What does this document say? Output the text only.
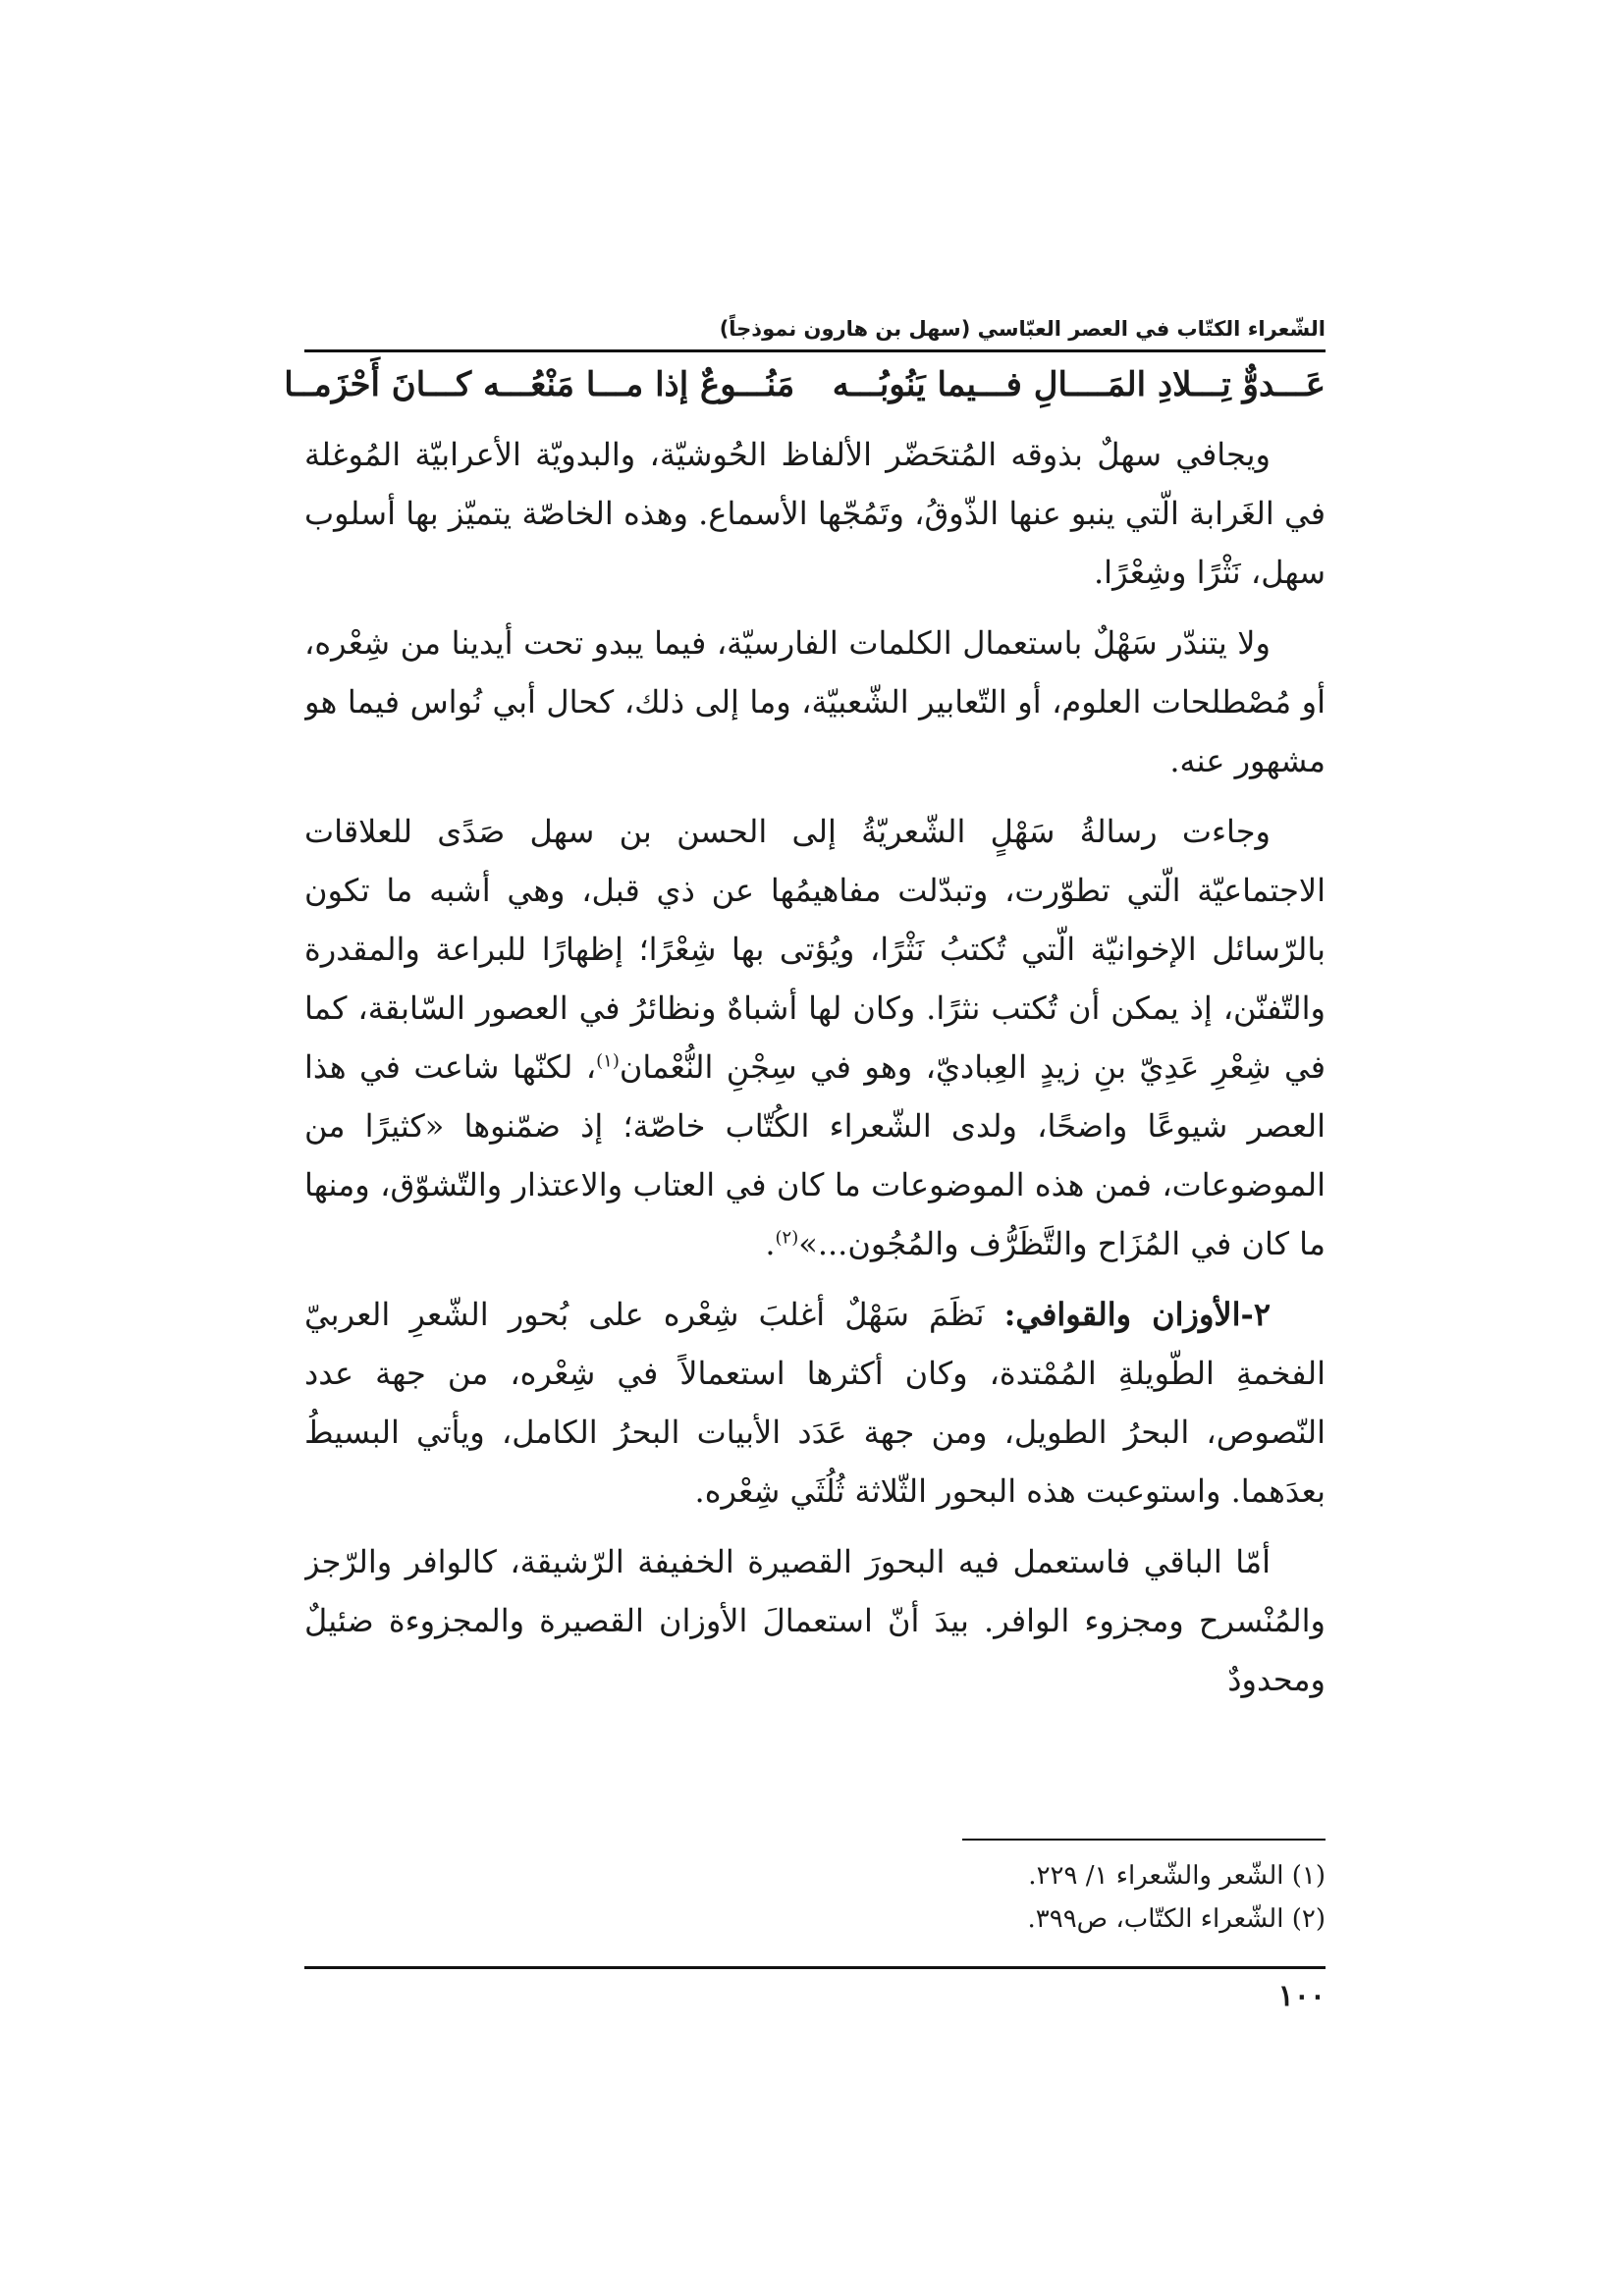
الشّعراء الكتّاب في العصر العبّاسي (سهل بن هارون نموذجاً)
عَـــدوٌّ تِـــلادِ المَــــالِ فـــيما يَنُوبُـــه
مَنُـــوعٌ إذا مـــا مَنْعُـــه كـــانَ أَحْزَمــا

ويجافي سهلٌ بذوقه المُتحَضّر الألفاظ الحُوشيّة، والبدويّة الأعرابيّة المُوغلة في الغَرابة الّتي ينبو عنها الذّوقُ، وتَمُجّها الأسماع. وهذه الخاصّة يتميّز بها أسلوب سهل، نَثْرًا وشِعْرًا.

ولا يتندّر سَهْلٌ باستعمال الكلمات الفارسيّة، فيما يبدو تحت أيدينا من شِعْره، أو مُصْطلحات العلوم، أو التّعابير الشّعبيّة، وما إلى ذلك، كحال أبي نُواس فيما هو مشهور عنه.

وجاءت رسالةُ سَهْلٍ الشّعريّةُ إلى الحسن بن سهل صَدًى للعلاقات الاجتماعيّة الّتي تطوّرت، وتبدّلت مفاهيمُها عن ذي قبل، وهي أشبه ما تكون بالرّسائل الإخوانيّة الّتي تُكتبُ نَثْرًا، ويُؤتى بها شِعْرًا؛ إظهارًا للبراعة والمقدرة والتّفنّن، إذ يمكن أن تُكتب نثرًا. وكان لها أشباهٌ ونظائرُ في العصور السّابقة، كما في شِعْرِ عَدِيّ بنِ زيدٍ العِباديّ، وهو في سِجْنِ النُّعْمان$^{(١)}$، لكنّها شاعت في هذا العصر شيوعًا واضحًا، ولدى الشّعراء الكُتّاب خاصّة؛ إذ ضمّنوها «كثيرًا من الموضوعات، فمن هذه الموضوعات ما كان في العتاب والاعتذار والتّشوّق، ومنها ما كان في المُزَاح والتَّظَرُّف والمُجُون...»$^{(٢)}$.

٢-الأوزان والقوافي: نَظَمَ سَهْلٌ أغلبَ شِعْره على بُحور الشّعرِ العربيّ الفخمةِ الطّويلةِ المُمْتدة، وكان أكثرها استعمالاً في شِعْره، من جهة عدد النّصوص، البحرُ الطويل، ومن جهة عَدَد الأبيات البحرُ الكامل، ويأتي البسيطُ بعدَهما. واستوعبت هذه البحور الثّلاثة ثُلُثَي شِعْره.

أمّا الباقي فاستعمل فيه البحورَ القصيرة الخفيفة الرّشيقة، كالوافر والرّجز والمُنْسرح ومجزوء الوافر. بيدَ أنّ استعمالَ الأوزان القصيرة والمجزوءة ضئيلٌ ومحدودٌ

(١) الشّعر والشّعراء ١/ ٢٢٩.
(٢) الشّعراء الكتّاب، ص٣٩٩.
١٠٠
